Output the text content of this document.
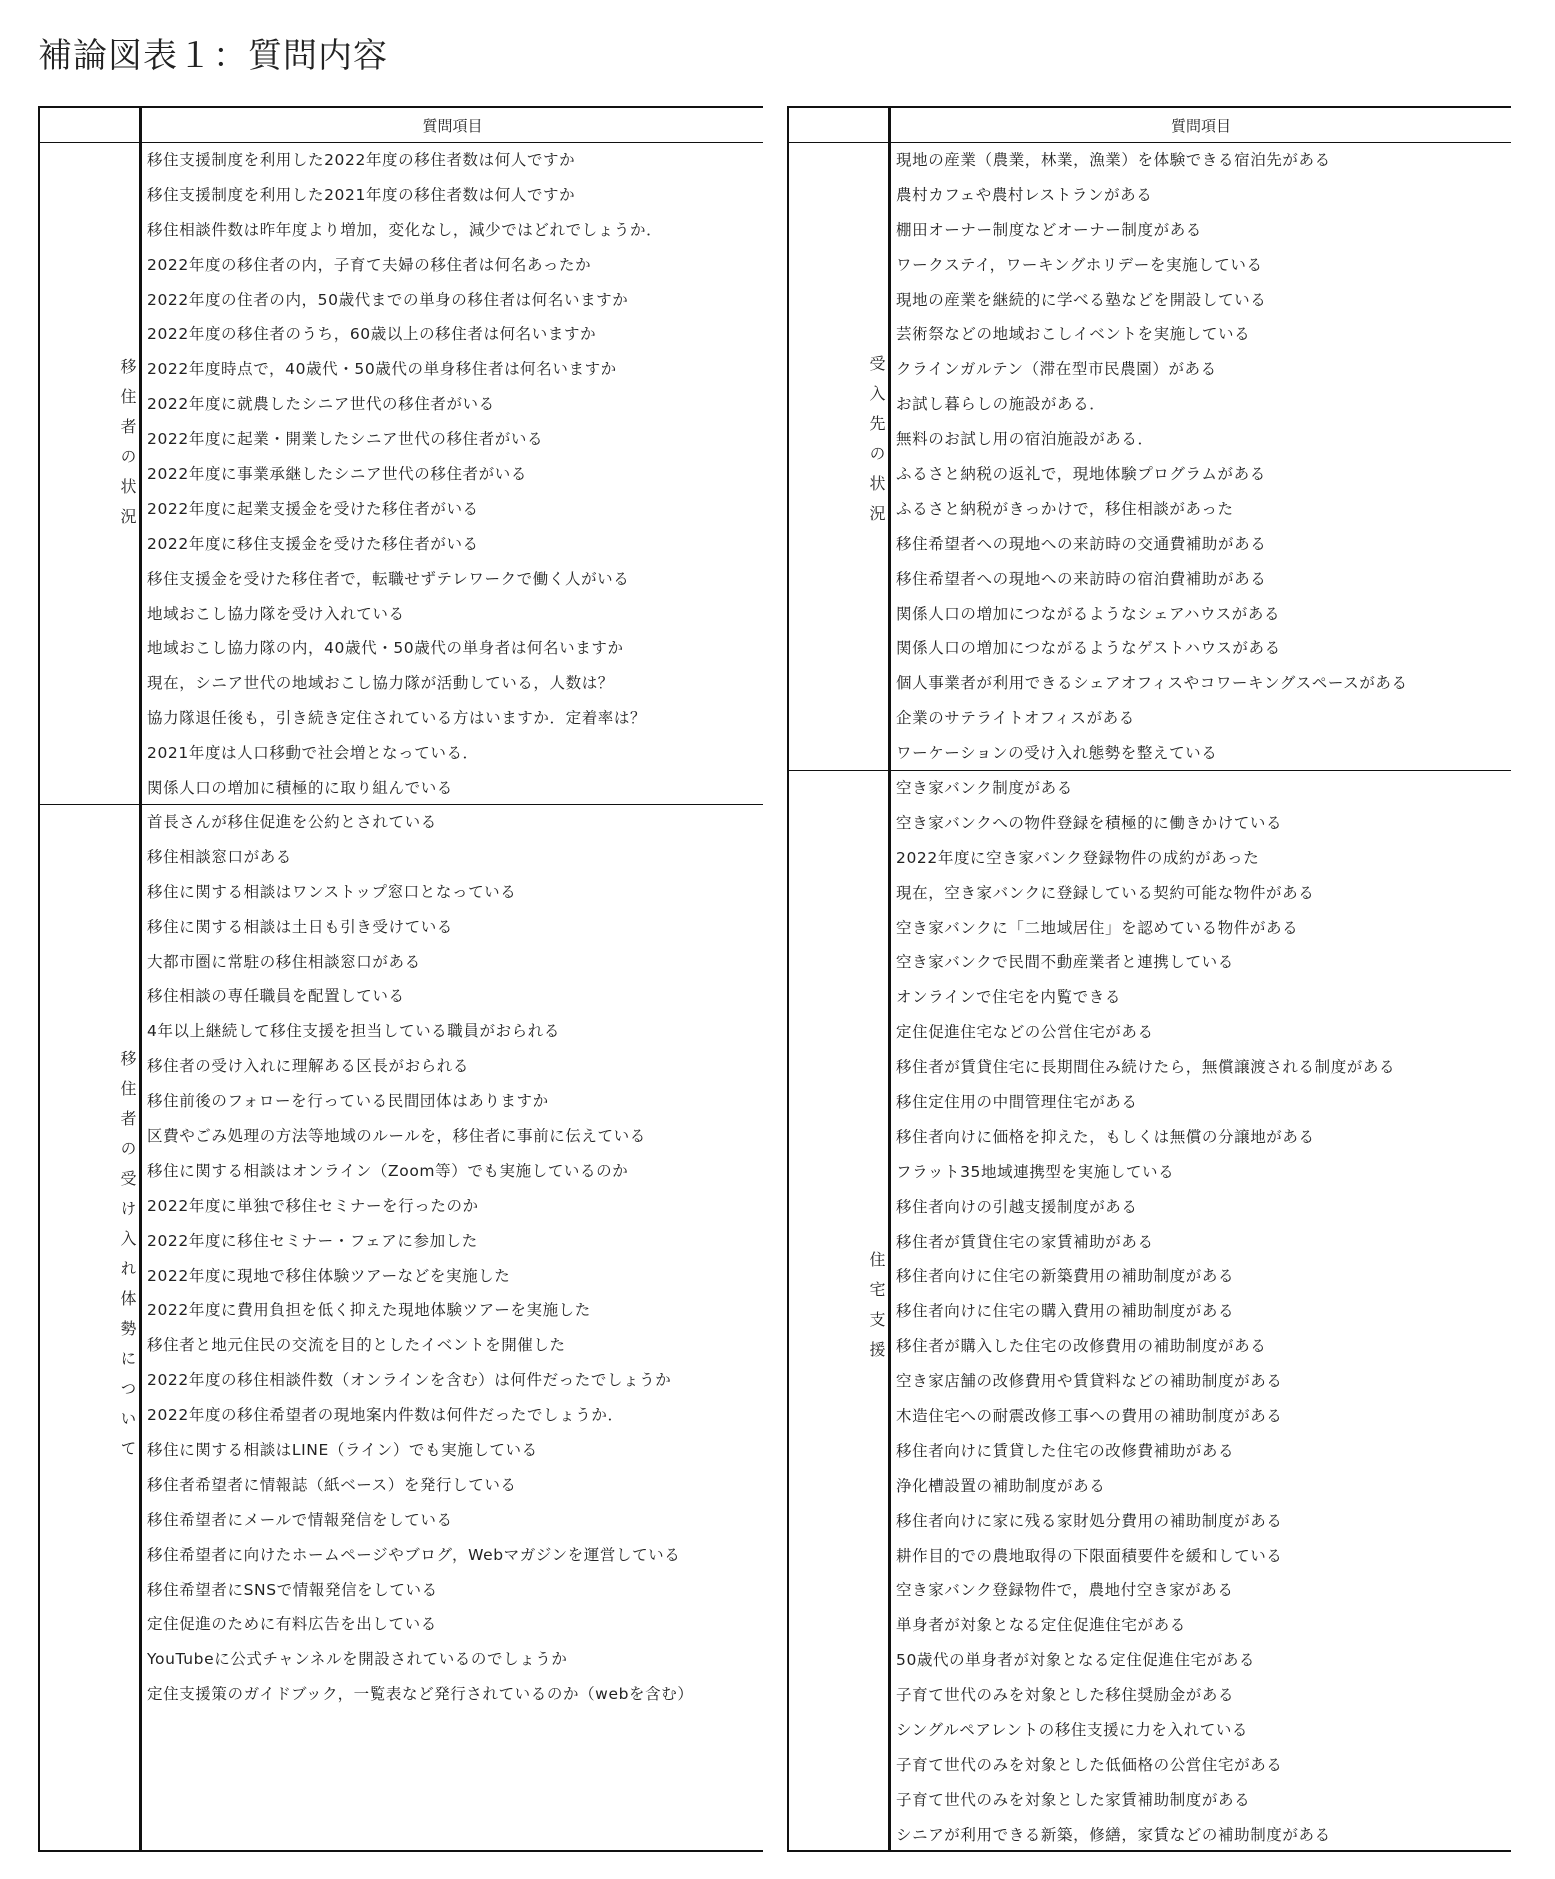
補論図表１：質問内容
質問項目
移住者の状況
移住支援制度を利用した2022年度の移住者数は何人ですか
移住支援制度を利用した2021年度の移住者数は何人ですか
移住相談件数は昨年度より増加，変化なし，減少ではどれでしょうか．
2022年度の移住者の内，子育て夫婦の移住者は何名あったか
2022年度の住者の内，50歳代までの単身の移住者は何名いますか
2022年度の移住者のうち，60歳以上の移住者は何名いますか
2022年度時点で，40歳代・50歳代の単身移住者は何名いますか
2022年度に就農したシニア世代の移住者がいる
2022年度に起業・開業したシニア世代の移住者がいる
2022年度に事業承継したシニア世代の移住者がいる
2022年度に起業支援金を受けた移住者がいる
2022年度に移住支援金を受けた移住者がいる
移住支援金を受けた移住者で，転職せずテレワークで働く人がいる
地域おこし協力隊を受け入れている
地域おこし協力隊の内，40歳代・50歳代の単身者は何名いますか
現在，シニア世代の地域おこし協力隊が活動している，人数は？
協力隊退任後も，引き続き定住されている方はいますか．定着率は？
2021年度は人口移動で社会増となっている．
関係人口の増加に積極的に取り組んでいる
移住者の受け入れ体勢について
首長さんが移住促進を公約とされている
移住相談窓口がある
移住に関する相談はワンストップ窓口となっている
移住に関する相談は土日も引き受けている
大都市圏に常駐の移住相談窓口がある
移住相談の専任職員を配置している
4年以上継続して移住支援を担当している職員がおられる
移住者の受け入れに理解ある区長がおられる
移住前後のフォローを行っている民間団体はありますか
区費やごみ処理の方法等地域のルールを，移住者に事前に伝えている
移住に関する相談はオンライン（Zoom等）でも実施しているのか
2022年度に単独で移住セミナーを行ったのか
2022年度に移住セミナー・フェアに参加した
2022年度に現地で移住体験ツアーなどを実施した
2022年度に費用負担を低く抑えた現地体験ツアーを実施した
移住者と地元住民の交流を目的としたイベントを開催した
2022年度の移住相談件数（オンラインを含む）は何件だったでしょうか
2022年度の移住希望者の現地案内件数は何件だったでしょうか．
移住に関する相談はLINE（ライン）でも実施している
移住者希望者に情報誌（紙ベース）を発行している
移住希望者にメールで情報発信をしている
移住希望者に向けたホームページやブログ，Webマガジンを運営している
移住希望者にSNSで情報発信をしている
定住促進のために有料広告を出している
YouTubeに公式チャンネルを開設されているのでしょうか
定住支援策のガイドブック，一覧表など発行されているのか（webを含む）
質問項目
受入先の状況
現地の産業（農業，林業，漁業）を体験できる宿泊先がある
農村カフェや農村レストランがある
棚田オーナー制度などオーナー制度がある
ワークステイ，ワーキングホリデーを実施している
現地の産業を継続的に学べる塾などを開設している
芸術祭などの地域おこしイベントを実施している
クラインガルテン（滞在型市民農園）がある
お試し暮らしの施設がある．
無料のお試し用の宿泊施設がある．
ふるさと納税の返礼で，現地体験プログラムがある
ふるさと納税がきっかけで，移住相談があった
移住希望者への現地への来訪時の交通費補助がある
移住希望者への現地への来訪時の宿泊費補助がある
関係人口の増加につながるようなシェアハウスがある
関係人口の増加につながるようなゲストハウスがある
個人事業者が利用できるシェアオフィスやコワーキングスペースがある
企業のサテライトオフィスがある
ワーケーションの受け入れ態勢を整えている
住宅支援
空き家バンク制度がある
空き家バンクへの物件登録を積極的に働きかけている
2022年度に空き家バンク登録物件の成約があった
現在，空き家バンクに登録している契約可能な物件がある
空き家バンクに「二地域居住」を認めている物件がある
空き家バンクで民間不動産業者と連携している
オンラインで住宅を内覧できる
定住促進住宅などの公営住宅がある
移住者が賃貸住宅に長期間住み続けたら，無償譲渡される制度がある
移住定住用の中間管理住宅がある
移住者向けに価格を抑えた，もしくは無償の分譲地がある
フラット35地域連携型を実施している
移住者向けの引越支援制度がある
移住者が賃貸住宅の家賃補助がある
移住者向けに住宅の新築費用の補助制度がある
移住者向けに住宅の購入費用の補助制度がある
移住者が購入した住宅の改修費用の補助制度がある
空き家店舗の改修費用や賃貸料などの補助制度がある
木造住宅への耐震改修工事への費用の補助制度がある
移住者向けに賃貸した住宅の改修費補助がある
浄化槽設置の補助制度がある
移住者向けに家に残る家財処分費用の補助制度がある
耕作目的での農地取得の下限面積要件を緩和している
空き家バンク登録物件で，農地付空き家がある
単身者が対象となる定住促進住宅がある
50歳代の単身者が対象となる定住促進住宅がある
子育て世代のみを対象とした移住奨励金がある
シングルペアレントの移住支援に力を入れている
子育て世代のみを対象とした低価格の公営住宅がある
子育て世代のみを対象とした家賃補助制度がある
シニアが利用できる新築，修繕，家賃などの補助制度がある
